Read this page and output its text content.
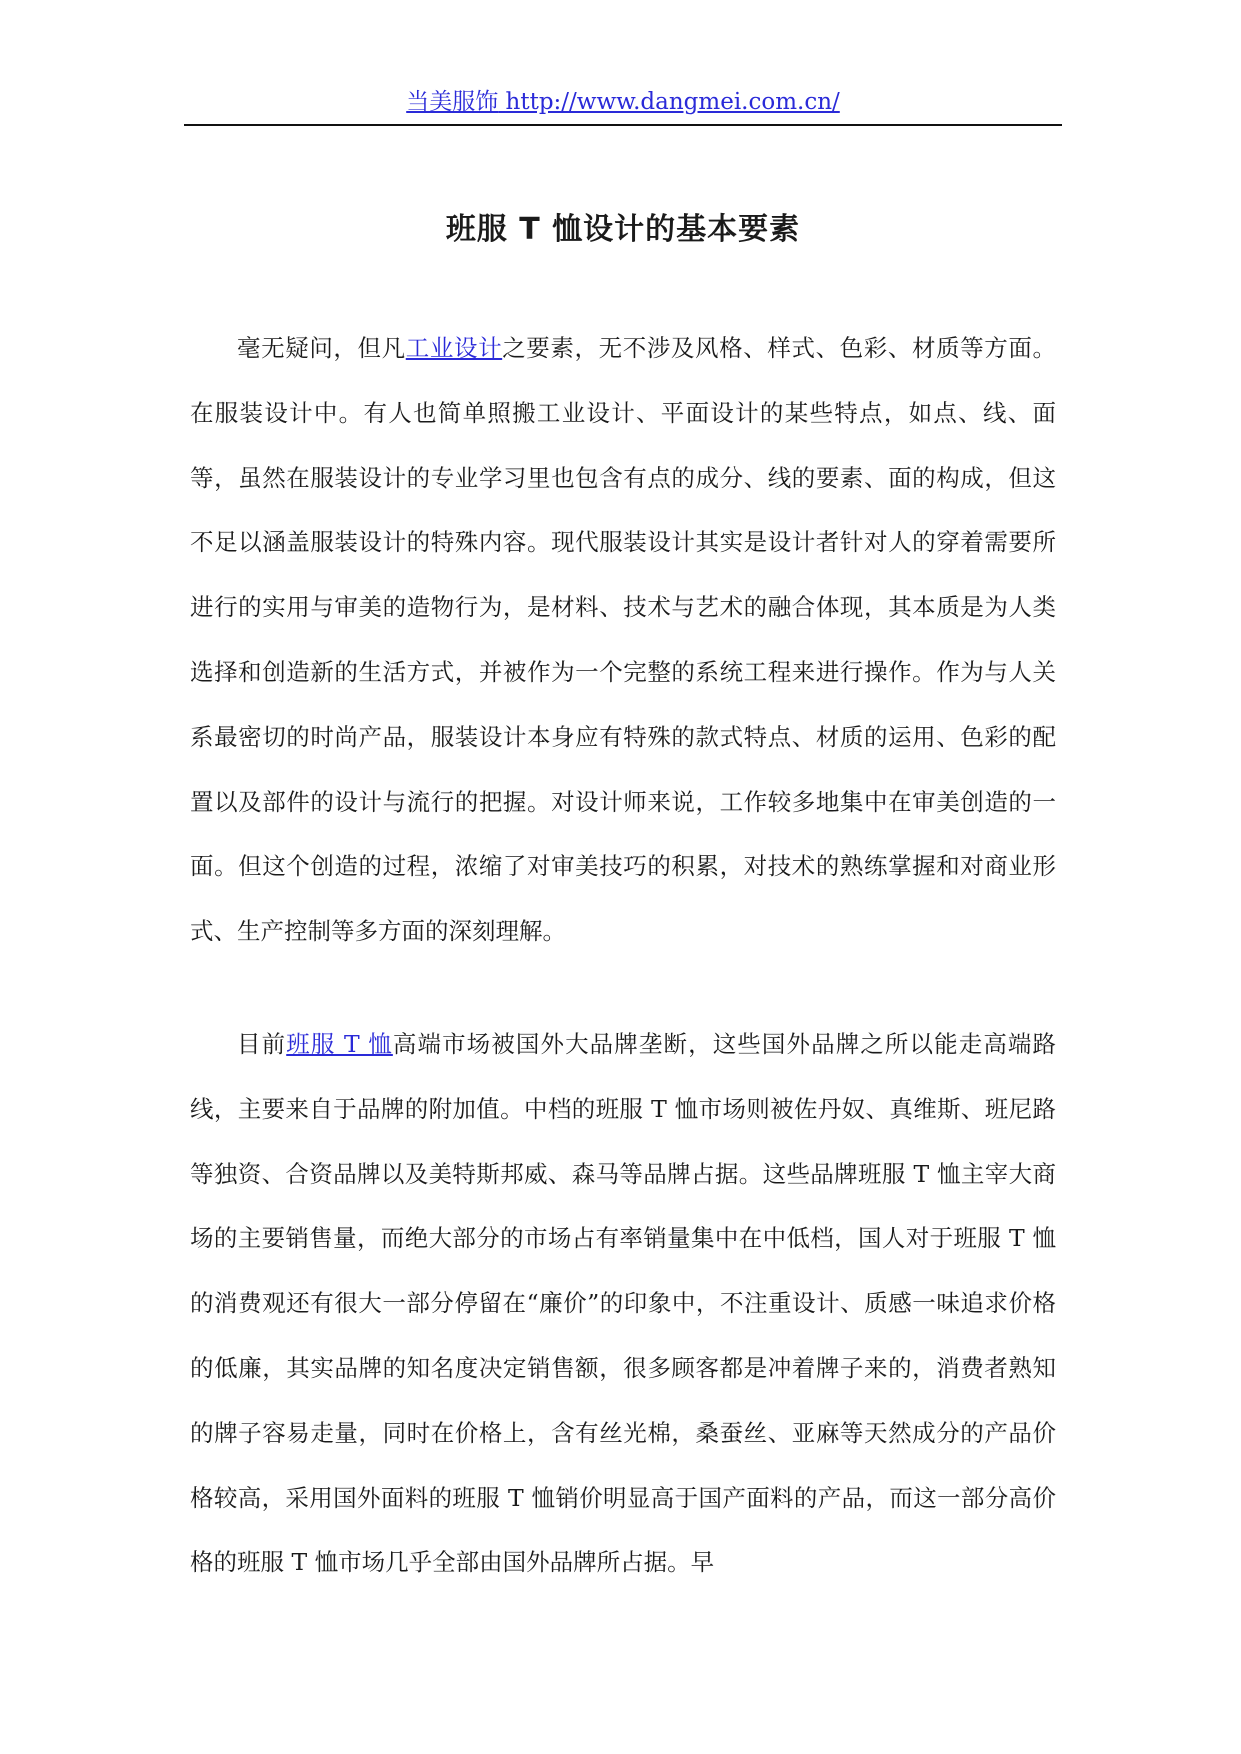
当美服饰 http://www.dangmei.com.cn/
班服 T 恤设计的基本要素

毫无疑问，但凡工业设计之要素，无不涉及风格、样式、色彩、材质等方面。在服装设计中。有人也简单照搬工业设计、平面设计的某些特点，如点、线、面等，虽然在服装设计的专业学习里也包含有点的成分、线的要素、面的构成，但这不足以涵盖服装设计的特殊内容。现代服装设计其实是设计者针对人的穿着需要所进行的实用与审美的造物行为，是材料、技术与艺术的融合体现，其本质是为人类选择和创造新的生活方式，并被作为一个完整的系统工程来进行操作。作为与人关系最密切的时尚产品，服装设计本身应有特殊的款式特点、材质的运用、色彩的配置以及部件的设计与流行的把握。对设计师来说，工作较多地集中在审美创造的一面。但这个创造的过程，浓缩了对审美技巧的积累，对技术的熟练掌握和对商业形式、生产控制等多方面的深刻理解。

目前班服 T 恤高端市场被国外大品牌垄断，这些国外品牌之所以能走高端路线，主要来自于品牌的附加值。中档的班服 T 恤市场则被佐丹奴、真维斯、班尼路等独资、合资品牌以及美特斯邦威、森马等品牌占据。这些品牌班服 T 恤主宰大商场的主要销售量，而绝大部分的市场占有率销量集中在中低档，国人对于班服 T 恤的消费观还有很大一部分停留在“廉价”的印象中，不注重设计、质感一味追求价格的低廉，其实品牌的知名度决定销售额，很多顾客都是冲着牌子来的，消费者熟知的牌子容易走量，同时在价格上，含有丝光棉，桑蚕丝、亚麻等天然成分的产品价格较高，采用国外面料的班服 T 恤销价明显高于国产面料的产品，而这一部分高价格的班服 T 恤市场几乎全部由国外品牌所占据。早
